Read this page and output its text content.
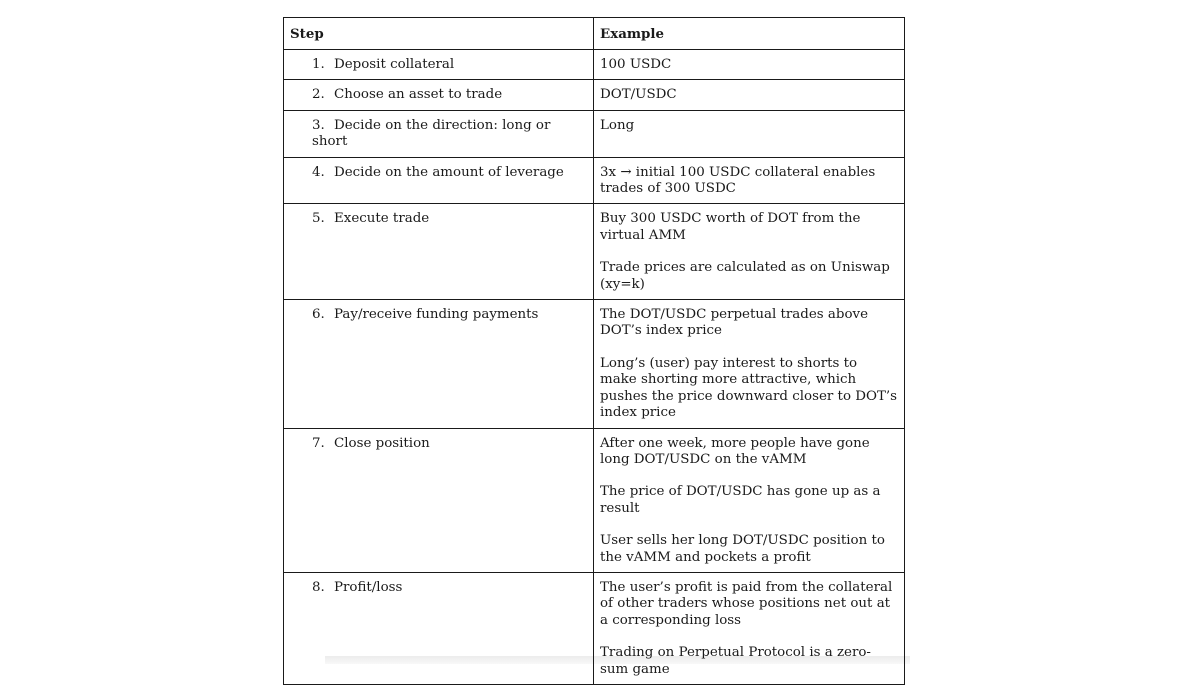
Step	Example
1. Deposit collateral	100 USDC

2. Choose an asset to trade	DOT/USDC

3. Decide on the direction: long or short	Long

4. Decide on the amount of leverage	3x → initial 100 USDC collateral enables trades of 300 USDC

5. Execute trade	Buy 300 USDC worth of DOT from the virtual AMM
Trade prices are calculated as on Uniswap (xy=k)

6. Pay/receive funding payments	The DOT/USDC perpetual trades above DOT’s index price
Long’s (user) pay interest to shorts to make shorting more attractive, which pushes the price downward closer to DOT’s index price

7. Close position	After one week, more people have gone long DOT/USDC on the vAMM
The price of DOT/USDC has gone up as a result
User sells her long DOT/USDC position to the vAMM and pockets a profit

8. Profit/loss	The user’s profit is paid from the collateral of other traders whose positions net out at a corresponding loss
Trading on Perpetual Protocol is a zero-sum game
